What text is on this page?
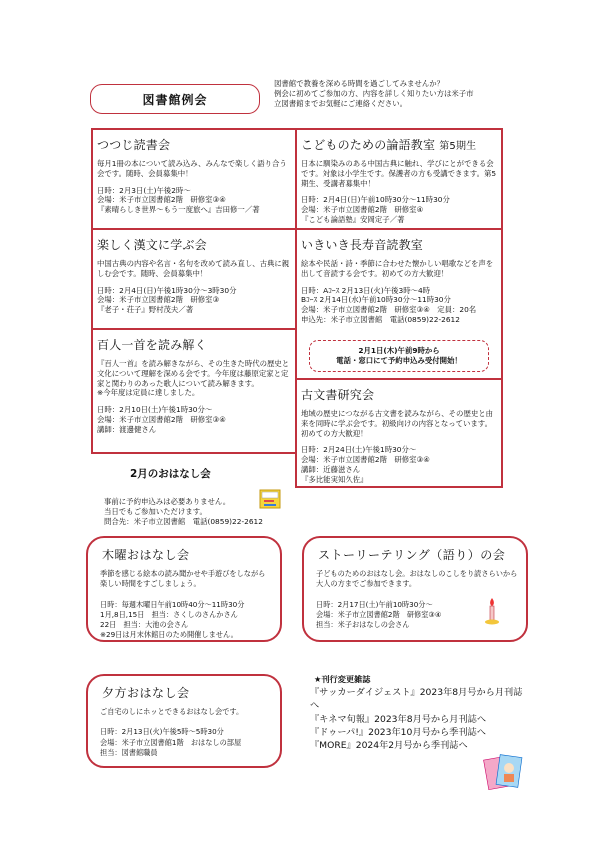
図書館例会

図書館で教養を深める時間を過ごしてみませんか？
例会に初めてご参加の方、内容を詳しく知りたい方は米子市
立図書館までお気軽にご連絡ください。

つつじ読書会

毎月1冊の本について読み込み、みんなで楽しく語り合う会です。随時、会員募集中！

日時：2月3日(土)午後2時～
会場：米子市立図書館2階　研修室③④
『素晴らしき世界～もう一度旅へ』吉田修一／著

楽しく漢文に学ぶ会

中国古典の内容や名言・名句を改めて読み直し、古典に親しむ会です。随時、会員募集中！

日時：2月4日(日)午後1時30分～3時30分
会場：米子市立図書館2階　研修室③
『老子・荘子』野村茂夫／著

百人一首を読み解く

『百人一首』を読み解きながら、その生きた時代の歴史と文化について理解を深める会です。今年度は藤原定家と定家と関わりのあった歌人について読み解きます。
※今年度は定員に達しました。

日時：2月10日(土)午後1時30分～
会場：米子市立図書館2階　研修室③④
講師：渡邊健さん

こどものための論語教室 第5期生

日本に馴染みのある中国古典に触れ、学びにとができる会です。対象は小学生です。保護者の方も受講できます。第5期生、受講者募集中！

日時：2月4日(日)午前10時30分～11時30分
会場：米子市立図書館2階　研修室④
『こども論語塾』安岡定子／著

いきいき長寿音読教室

絵本や民話・詩・季節に合わせた懐かしい唱歌などを声を出して音読する会です。初めての方大歓迎！

日時：Aｺｰｽ 2月13日(火)午後3時～4時
Bｺｰｽ 2月14日(水)午前10時30分～11時30分
会場：米子市立図書館2階　研修室③④　定員：20名
申込先：米子市立図書館　電話(0859)22-2612

2月1日(木)午前9時から
電話・窓口にて予約申込み受付開始！
古文書研究会

地域の歴史につながる古文書を読みながら、その歴史と由来を同時に学ぶ会です。初級向けの内容となっています。初めての方大歓迎！

日時：2月24日(土)午後1時30分～
会場：米子市立図書館2階　研修室③④
講師：近藤滋さん
『多比能実知久佐』

2月のおはなし会

事前に予約申込みは必要ありません。
当日でもご参加いただけます。
問合先：米子市立図書館　電話(0859)22-2612

木曜おはなし会

季節を感じる絵本の読み聞かせや手遊びをしながら楽しい時間をすごしましょう。

日時：毎週木曜日午前10時40分～11時30分
1月,8日,15日　担当：さくしのさんかさん
22日　担当：大池の会さん
※29日は月末休館日のため開催しません。

ストーリーテリング（語り）の会

子どものためのおはなし会。おはなしのこしをり読さらいから大人の方までご参加できます。

日時：2月17日(土)午前10時30分～
会場：米子市立図書館2階　研修室③④
担当：米子おはなしの会さん

夕方おはなし会

ご自宅のしにホッとできるおはなし会です。

日時：2月13日(火)午後5時～5時30分
会場：米子市立図書館1階　おはなしの部屋
担当：図書館職員

★刊行変更雑誌
『サッカーダイジェスト』2023年8月号から月刊誌へ
『キネマ旬報』2023年8月号から月刊誌へ
『ドゥーパ!』2023年10月号から季刊誌へ
『MORE』2024年2月号から季刊誌へ
